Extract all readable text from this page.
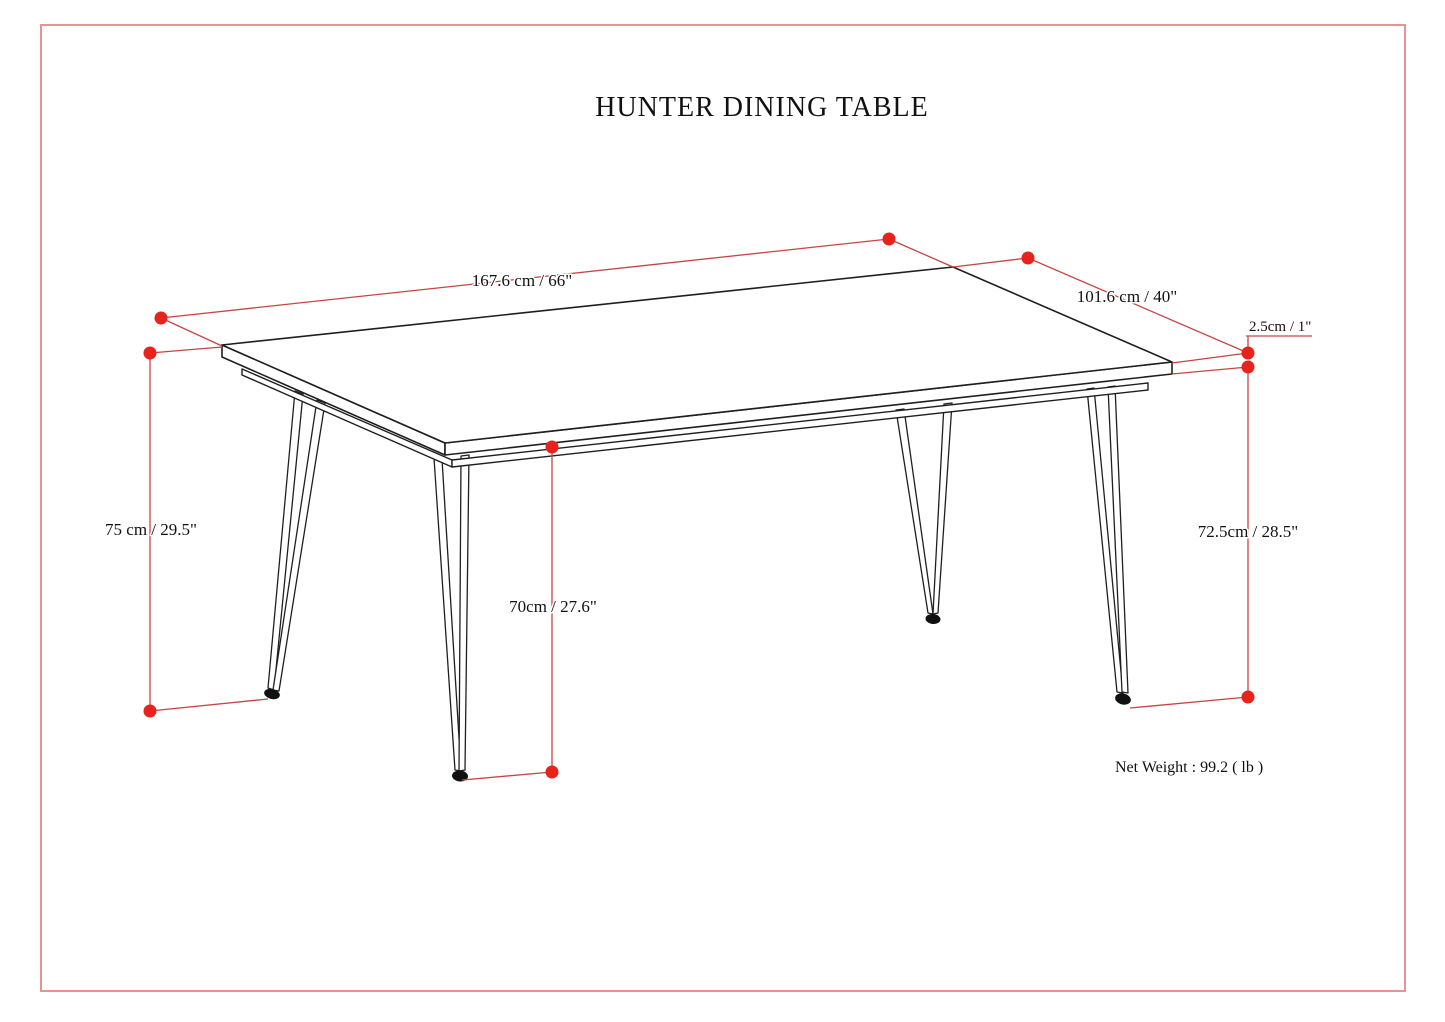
HUNTER DINING TABLE
167.6 cm / 66"
101.6 cm / 40"
2.5cm / 1"
75 cm / 29.5"
70cm / 27.6"
72.5cm / 28.5"
Net Weight : 99.2 ( lb )
